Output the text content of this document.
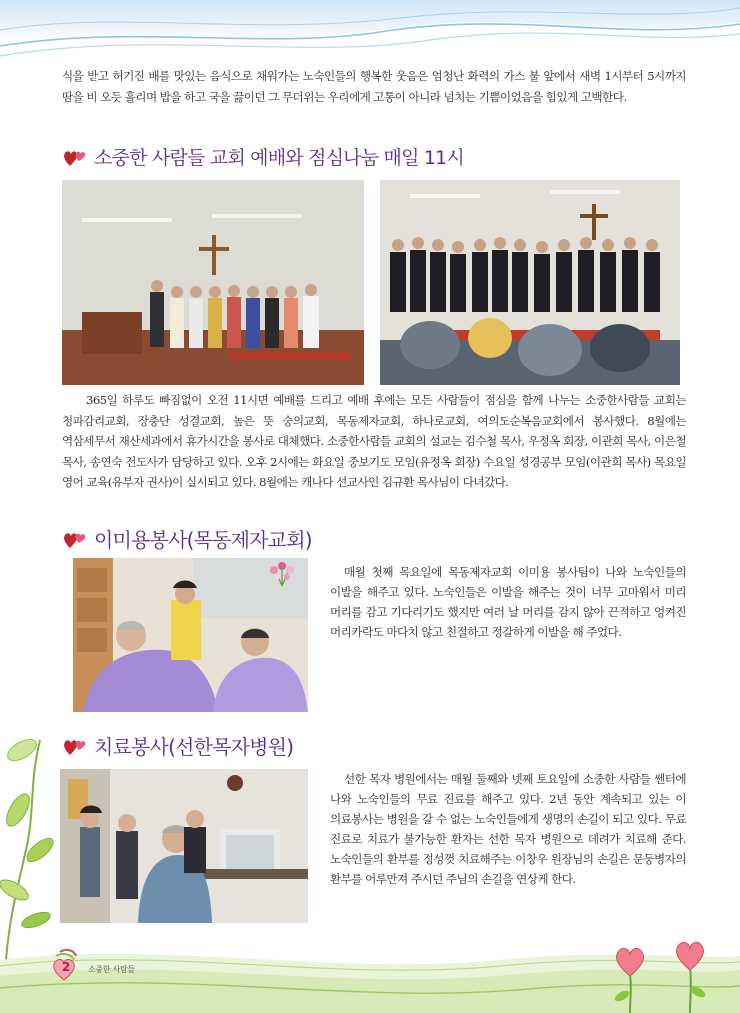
식을 받고 허기진 배를 맛있는 음식으로 채워가는 노숙인들의 행복한 웃음은 엄청난 화력의 가스 불 앞에서 새벽 1시부터 5시까지 땀을 비 오듯 흘리며 밥을 하고 국을 끓이던 그 무더위는 우리에게 고통이 아니라 넘치는 기쁨이었음을 힘있게 고백한다.

소중한 사람들 교회 예배와 점심나눔 매일 11시

365일 하루도 빠짐없이 오전 11시면 예배를 드리고 예배 후에는 모든 사람들이 점심을 함께 나누는 소중한사람들 교회는 청파감리교회, 장충단 성결교회, 높은 뜻 숭의교회, 목동제자교회, 하나로교회, 여의도순복음교회에서 봉사했다. 8월에는 역삼세무서 재산세과에서 휴가시간을 봉사로 대체했다. 소중한사람들 교회의 설교는 김수철 목사, 우정옥 회장, 이관희 목사, 이은철 목사, 송연숙 전도사가 담당하고 있다. 오후 2시에는 화요일 중보기도 모임(유정옥 회장) 수요일 성경공부 모임(이관희 목사) 목요일 영어 교육(유부자 권사)이 실시되고 있다. 8월에는 캐나다 선교사인 김규환 목사님이 다녀갔다.

이미용봉사(목동제자교회)

매월 첫째 목요일에 목동제자교회 이미용 봉사팀이 나와 노숙인들의 이발을 해주고 있다. 노숙인들은 이발을 해주는 것이 너무 고마워서 미리 머리를 감고 기다리기도 했지만 여러 날 머리를 감지 않아 끈적하고 엉켜진 머리카락도 마다치 않고 친절하고 정갈하게 이발을 해 주었다.

치료봉사(선한목자병원)

선한 목자 병원에서는 매월 둘째와 넷째 토요일에 소중한 사람들 쎈터에 나와 노숙인들의 무료 진료를 해주고 있다. 2년 동안 계속되고 있는 이 의료봉사는 병원을 갈 수 없는 노숙인들에게 생명의 손길이 되고 있다. 무료 진료로 치료가 불가능한 환자는 선한 목자 병원으로 데려가 치료해 준다. 노숙인들의 환부를 정성껏 치료해주는 이창우 원장님의 손길은 문둥병자의 환부를 어루만져 주시던 주님의 손길을 연상케 한다.

2	소중한 사람들
